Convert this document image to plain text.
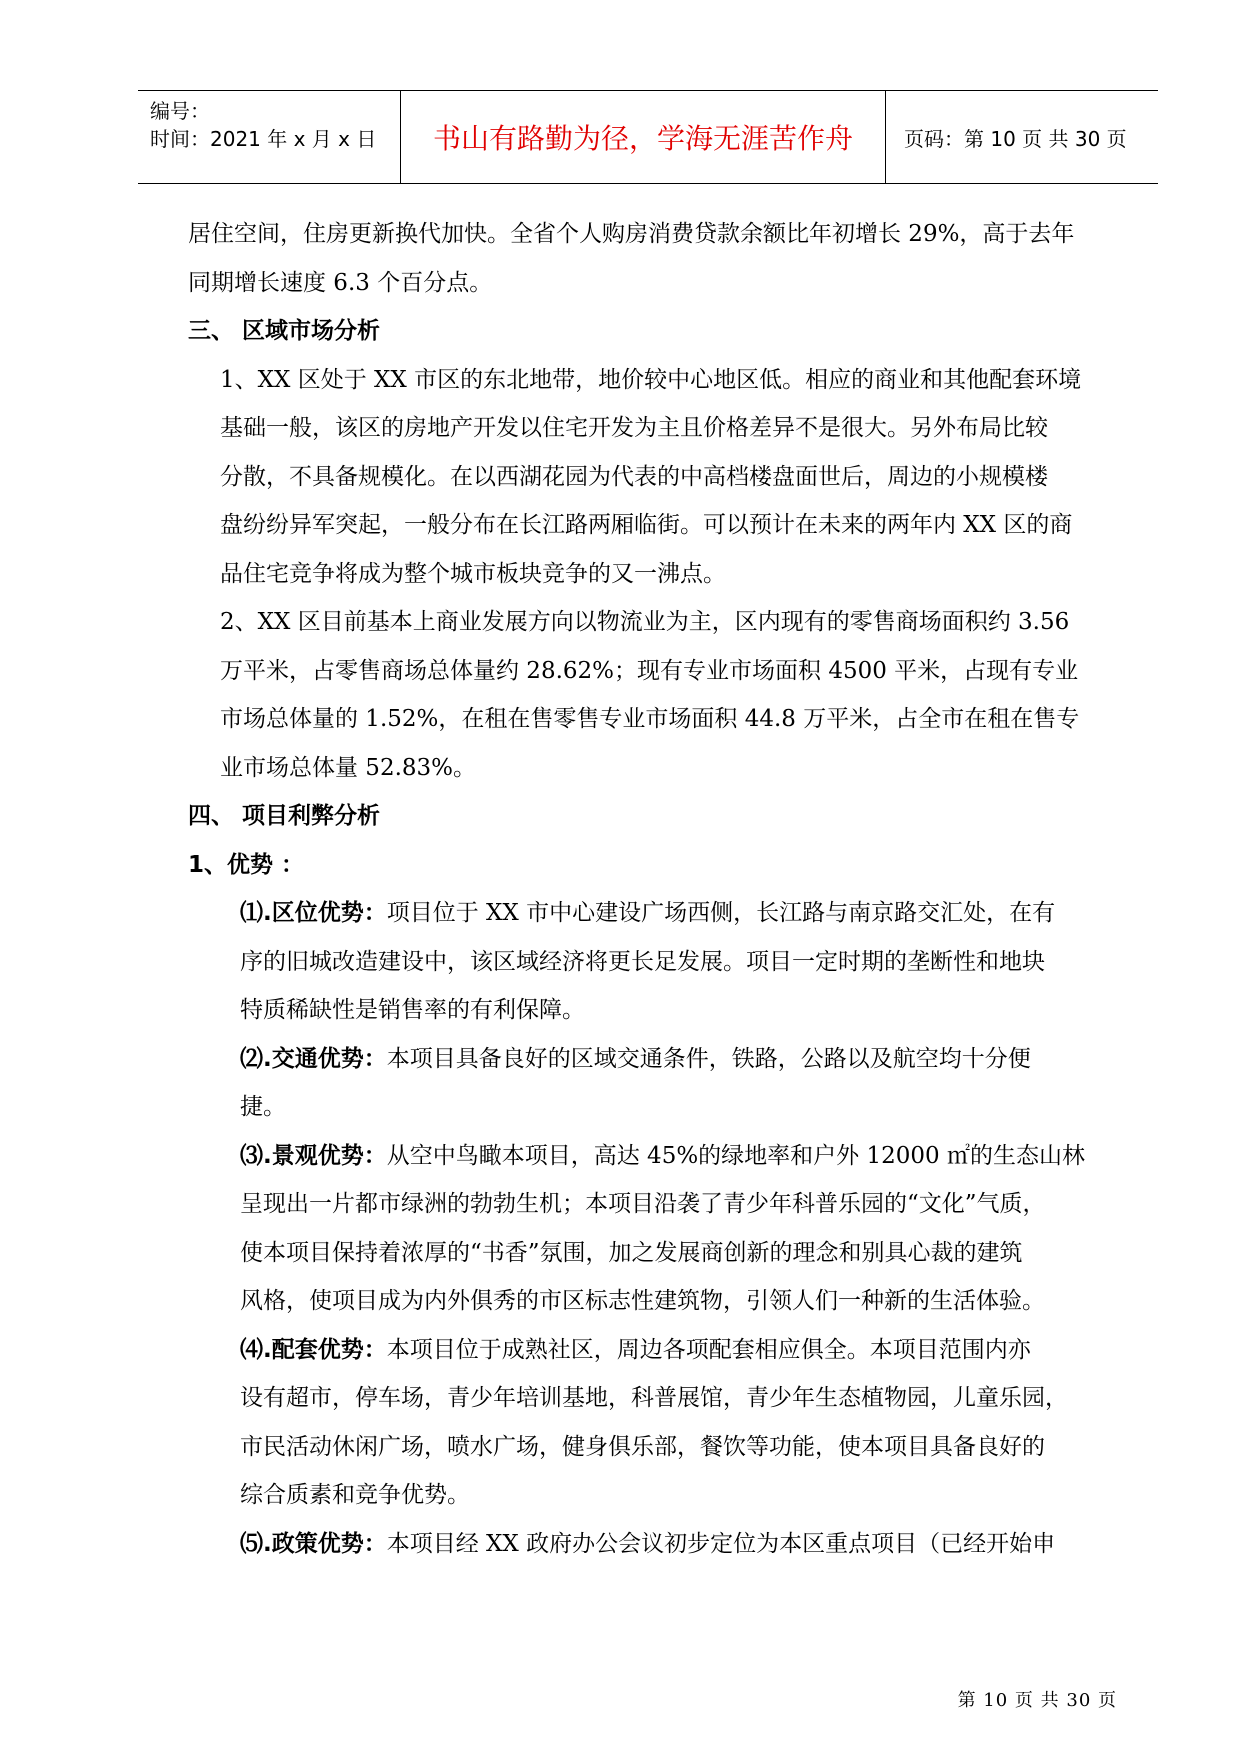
编号：
时间：2021 年 x 月 x 日	书山有路勤为径，学海无涯苦作舟	页码：第 10 页 共 30 页

居住空间，住房更新换代加快。全省个人购房消费贷款余额比年初增长 29%，高于去年

同期增长速度 6.3 个百分点。

三、 区域市场分析

1、XX 区处于 XX 市区的东北地带，地价较中心地区低。相应的商业和其他配套环境

基础一般，该区的房地产开发以住宅开发为主且价格差异不是很大。另外布局比较

分散，不具备规模化。在以西湖花园为代表的中高档楼盘面世后，周边的小规模楼

盘纷纷异军突起，一般分布在长江路两厢临街。可以预计在未来的两年内 XX 区的商

品住宅竞争将成为整个城市板块竞争的又一沸点。

2、XX 区目前基本上商业发展方向以物流业为主，区内现有的零售商场面积约 3.56

万平米，占零售商场总体量约 28.62%；现有专业市场面积 4500 平米，占现有专业

市场总体量的 1.52%，在租在售零售专业市场面积 44.8 万平米，占全市在租在售专

业市场总体量 52.83%。

四、 项目利弊分析

1、优势 ：

⑴.区位优势：项目位于 XX 市中心建设广场西侧，长江路与南京路交汇处，在有

序的旧城改造建设中，该区域经济将更长足发展。项目一定时期的垄断性和地块

特质稀缺性是销售率的有利保障。

⑵.交通优势：本项目具备良好的区域交通条件，铁路，公路以及航空均十分便

捷。

⑶.景观优势：从空中鸟瞰本项目，高达 45%的绿地率和户外 12000 ㎡的生态山林

呈现出一片都市绿洲的勃勃生机；本项目沿袭了青少年科普乐园的“文化”气质，

使本项目保持着浓厚的“书香”氛围，加之发展商创新的理念和别具心裁的建筑

风格，使项目成为内外俱秀的市区标志性建筑物，引领人们一种新的生活体验。

⑷.配套优势：本项目位于成熟社区，周边各项配套相应俱全。本项目范围内亦

设有超市，停车场，青少年培训基地，科普展馆，青少年生态植物园，儿童乐园，

市民活动休闲广场，喷水广场，健身俱乐部，餐饮等功能，使本项目具备良好的

综合质素和竞争优势。

⑸.政策优势：本项目经 XX 政府办公会议初步定位为本区重点项目（已经开始申

第 10 页 共 30 页
